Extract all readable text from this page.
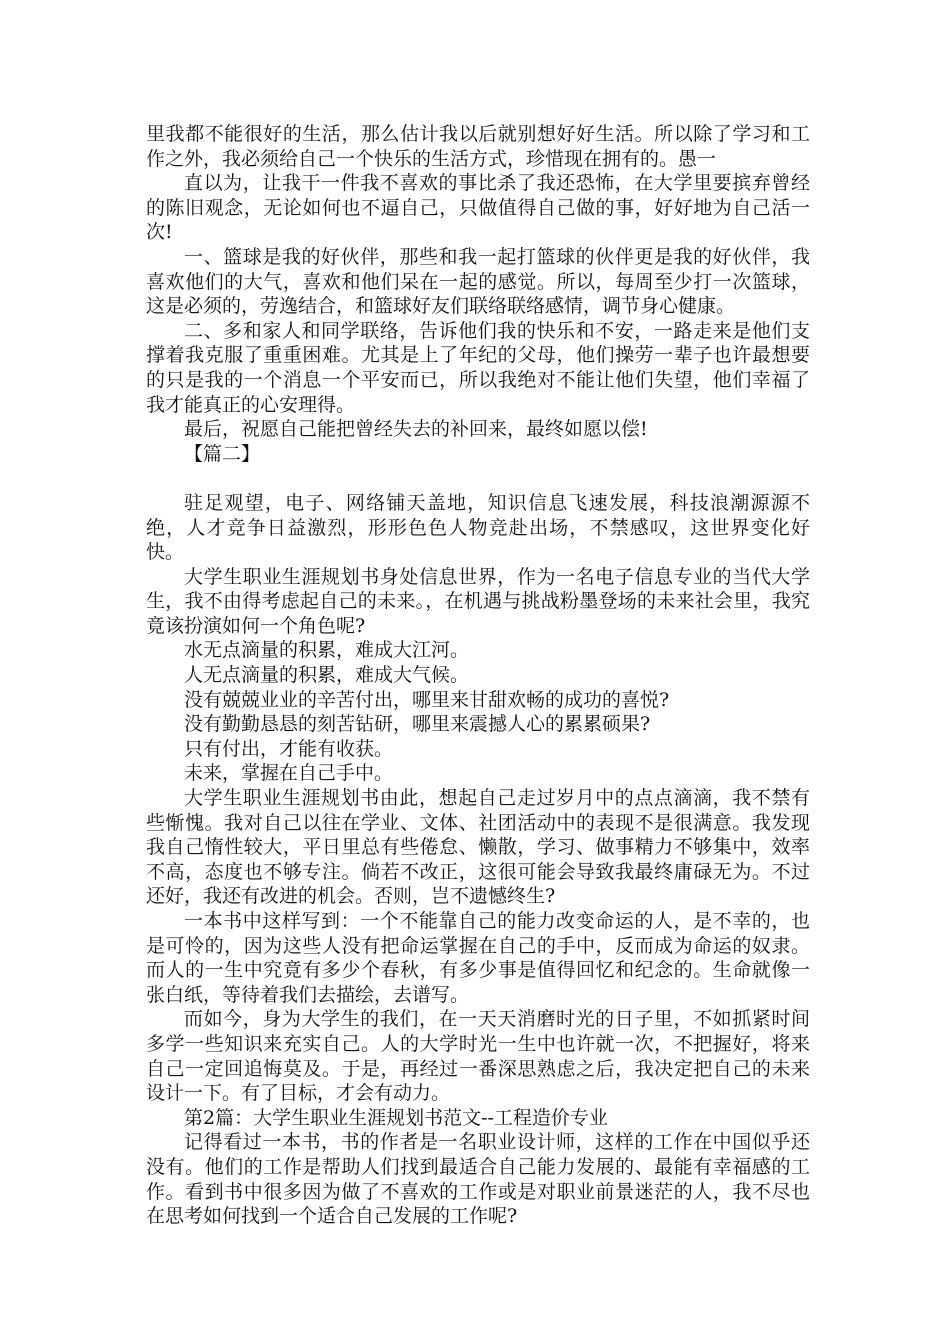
里我都不能很好的生活，那么估计我以后就别想好好生活。所以除了学习和工作之外，我必须给自己一个快乐的生活方式，珍惜现在拥有的。愚一

直以为，让我干一件我不喜欢的事比杀了我还恐怖，在大学里要摈弃曾经的陈旧观念，无论如何也不逼自己，只做值得自己做的事，好好地为自己活一次!

一、篮球是我的好伙伴，那些和我一起打篮球的伙伴更是我的好伙伴，我喜欢他们的大气，喜欢和他们呆在一起的感觉。所以，每周至少打一次篮球，这是必须的，劳逸结合，和篮球好友们联络联络感情，调节身心健康。

二、多和家人和同学联络，告诉他们我的快乐和不安，一路走来是他们支撑着我克服了重重困难。尤其是上了年纪的父母，他们操劳一辈子也许最想要的只是我的一个消息一个平安而已，所以我绝对不能让他们失望，他们幸福了我才能真正的心安理得。

最后，祝愿自己能把曾经失去的补回来，最终如愿以偿!

【篇二】

驻足观望，电子、网络铺天盖地，知识信息飞速发展，科技浪潮源源不绝，人才竞争日益激烈，形形色色人物竞赴出场，不禁感叹，这世界变化好快。

大学生职业生涯规划书身处信息世界，作为一名电子信息专业的当代大学生，我不由得考虑起自己的未来。，在机遇与挑战粉墨登场的未来社会里，我究竟该扮演如何一个角色呢?

水无点滴量的积累，难成大江河。

人无点滴量的积累，难成大气候。

没有兢兢业业的辛苦付出，哪里来甘甜欢畅的成功的喜悦?

没有勤勤恳恳的刻苦钻研，哪里来震撼人心的累累硕果?

只有付出，才能有收获。

未来，掌握在自己手中。

大学生职业生涯规划书由此，想起自己走过岁月中的点点滴滴，我不禁有些惭愧。我对自己以往在学业、文体、社团活动中的表现不是很满意。我发现我自己惰性较大，平日里总有些倦怠、懒散，学习、做事精力不够集中，效率不高，态度也不够专注。倘若不改正，这很可能会导致我最终庸碌无为。不过还好，我还有改进的机会。否则，岂不遗憾终生?

一本书中这样写到：一个不能靠自己的能力改变命运的人，是不幸的，也是可怜的，因为这些人没有把命运掌握在自己的手中，反而成为命运的奴隶。而人的一生中究竟有多少个春秋，有多少事是值得回忆和纪念的。生命就像一张白纸，等待着我们去描绘，去谱写。

而如今，身为大学生的我们，在一天天消磨时光的日子里，不如抓紧时间多学一些知识来充实自己。人的大学时光一生中也许就一次，不把握好，将来自己一定回追悔莫及。于是，再经过一番深思熟虑之后，我决定把自己的未来设计一下。有了目标，才会有动力。

第2篇：大学生职业生涯规划书范文--工程造价专业

记得看过一本书，书的作者是一名职业设计师，这样的工作在中国似乎还没有。他们的工作是帮助人们找到最适合自己能力发展的、最能有幸福感的工作。看到书中很多因为做了不喜欢的工作或是对职业前景迷茫的人，我不尽也在思考如何找到一个适合自己发展的工作呢?
